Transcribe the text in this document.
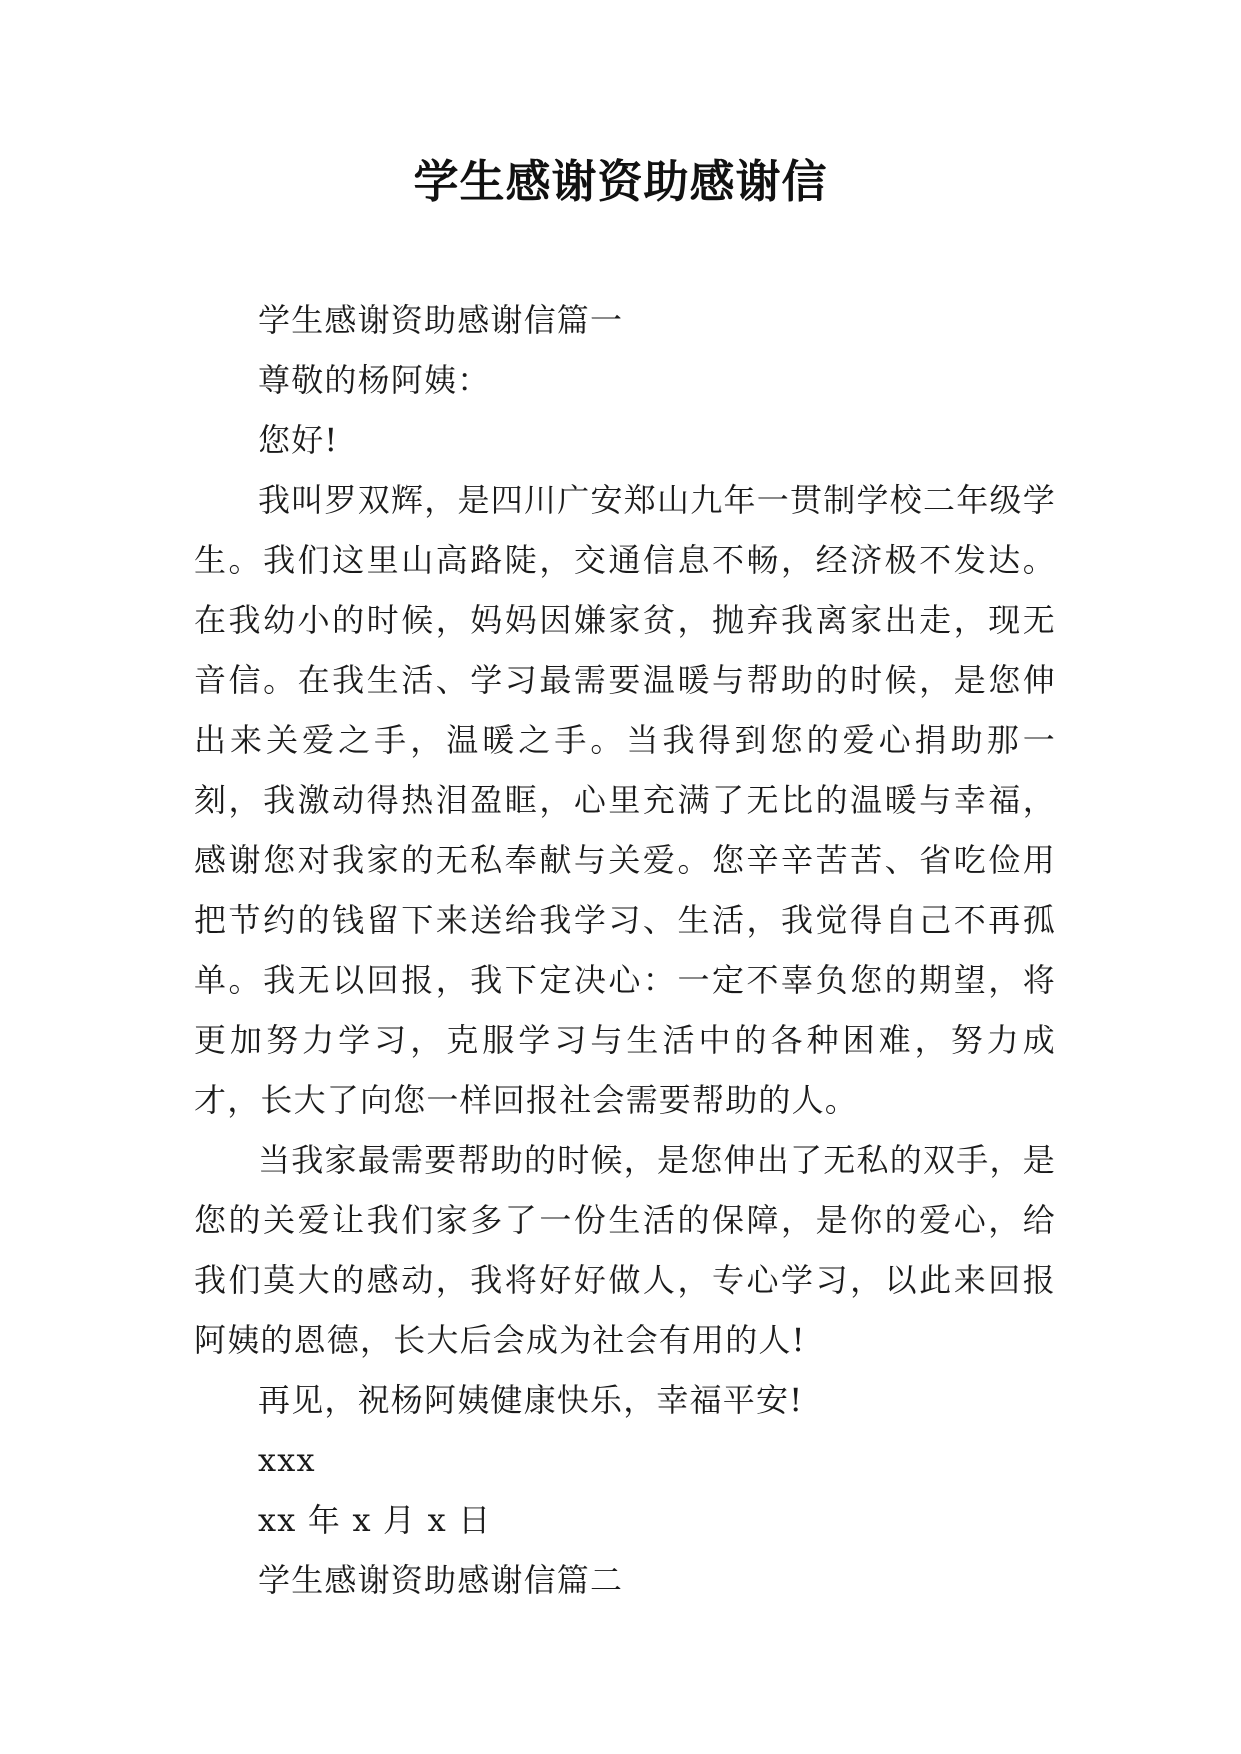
学生感谢资助感谢信

学生感谢资助感谢信篇一

尊敬的杨阿姨：

您好!

我叫罗双辉，是四川广安郑山九年一贯制学校二年级学生。我们这里山高路陡，交通信息不畅，经济极不发达。在我幼小的时候，妈妈因嫌家贫，抛弃我离家出走，现无音信。在我生活、学习最需要温暖与帮助的时候，是您伸出来关爱之手，温暖之手。当我得到您的爱心捐助那一刻，我激动得热泪盈眶，心里充满了无比的温暖与幸福，感谢您对我家的无私奉献与关爱。您辛辛苦苦、省吃俭用把节约的钱留下来送给我学习、生活，我觉得自己不再孤单。我无以回报，我下定决心：一定不辜负您的期望，将更加努力学习，克服学习与生活中的各种困难，努力成才，长大了向您一样回报社会需要帮助的人。

当我家最需要帮助的时候，是您伸出了无私的双手，是您的关爱让我们家多了一份生活的保障，是你的爱心，给我们莫大的感动，我将好好做人，专心学习，以此来回报阿姨的恩德，长大后会成为社会有用的人!

再见，祝杨阿姨健康快乐，幸福平安!

xxx

xx 年 x 月 x 日

学生感谢资助感谢信篇二
